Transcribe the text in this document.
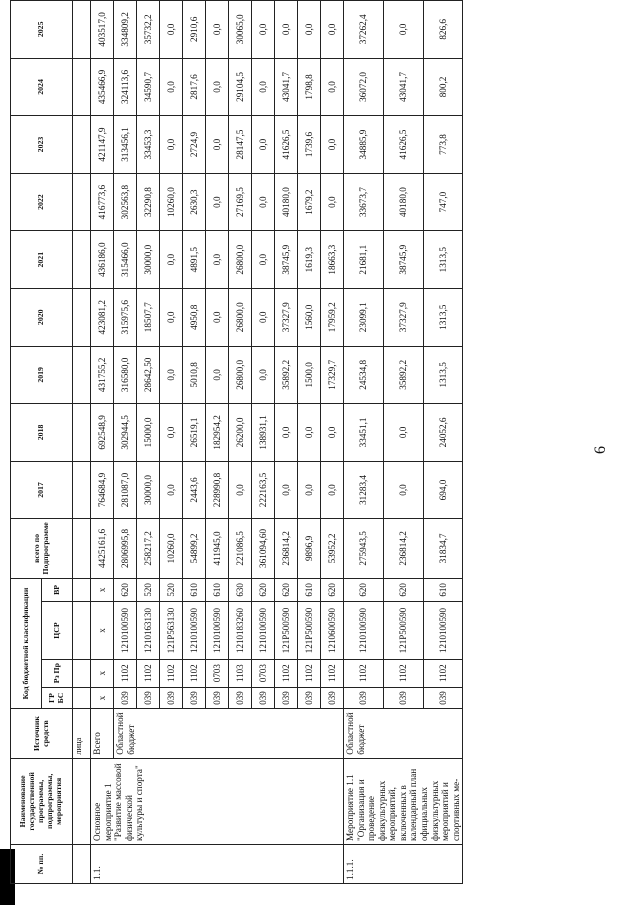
6
№ пп.	Наименование государственной программы, подпрограммы, мероприятия	Источник средств	Код бюджетной классификации				всего по Подпрограмме	2017	2018	2019	2020	2021	2022	2023	2024	2025
			ГР БС	Рз Пр	ЦСР	ВР										
		лица														
1.1.	Основное мероприятие 1 "Развитие массовой физической культуры и спорта"	Всего	x	x	x	x	4425161,6	764684,9	692548,9	431755,2	423081,2	436186,0	416773,6	421147,9	435466,9	403517,0
		Областной бюджет	039	1102	1210100590	620	2806995,8	281087,0	302944,5	316580,0	315975,6	315466,0	302563,8	313456,1	324113,6	334809,2
			039	1102	1210163130	520	258217,2	30000,0	15000,0	28642,50	18507,7	30000,0	32290,8	33453,3	34590,7	35732,2
			039	1102	121P563130	520	10260,0	0,0	0,0	0,0	0,0	0,0	10260,0	0,0	0,0	0,0
			039	1102	1210100590	610	54899,2	2443,6	26519,1	5010,8	4950,8	4891,5	2630,3	2724,9	2817,6	2910,6
			039	0703	1210100590	610	411945,0	228990,8	182954,2	0,0	0,0	0,0	0,0	0,0	0,0	0,0
			039	1103	1210183260	630	221086,5	0,0	26200,0	26800,0	26800,0	26800,0	27169,5	28147,5	29104,5	30065,0
			039	0703	1210100590	620	361094,60	222163,5	138931,1	0,0	0,0	0,0	0,0	0,0	0,0	0,0
			039	1102	121P500590	620	236814,2	0,0	0,0	35892,2	37327,9	38745,9	40180,0	41626,5	43041,7	0,0
			039	1102	121P500590	610	9896,9	0,0	0,0	1500,0	1560,0	1619,3	1679,2	1739,6	1798,8	0,0
			039	1102	1210600590	620	53952,2	0,0	0,0	17329,7	17959,2	18663,3	0,0	0,0	0,0	0,0
1.1.1.	Мероприятие 1.1 "Организация и проведение физкультурных мероприятий, включенных в календарный план официальных физкультурных мероприятий и спортивных ме-	Областной бюджет	039	1102	1210100590	620	275943,5	31283,4	33451,1	24534,8	23099,1	21681,1	33673,7	34885,9	36072,0	37262,4
			039	1102	121P500590	620	236814,2	0,0	0,0	35892,2	37327,9	38745,9	40180,0	41626,5	43041,7	0,0
			039	1102	1210100590	610	31834,7	694,0	24052,6	1313,5	1313,5	1313,5	747,0	773,8	800,2	826,6
